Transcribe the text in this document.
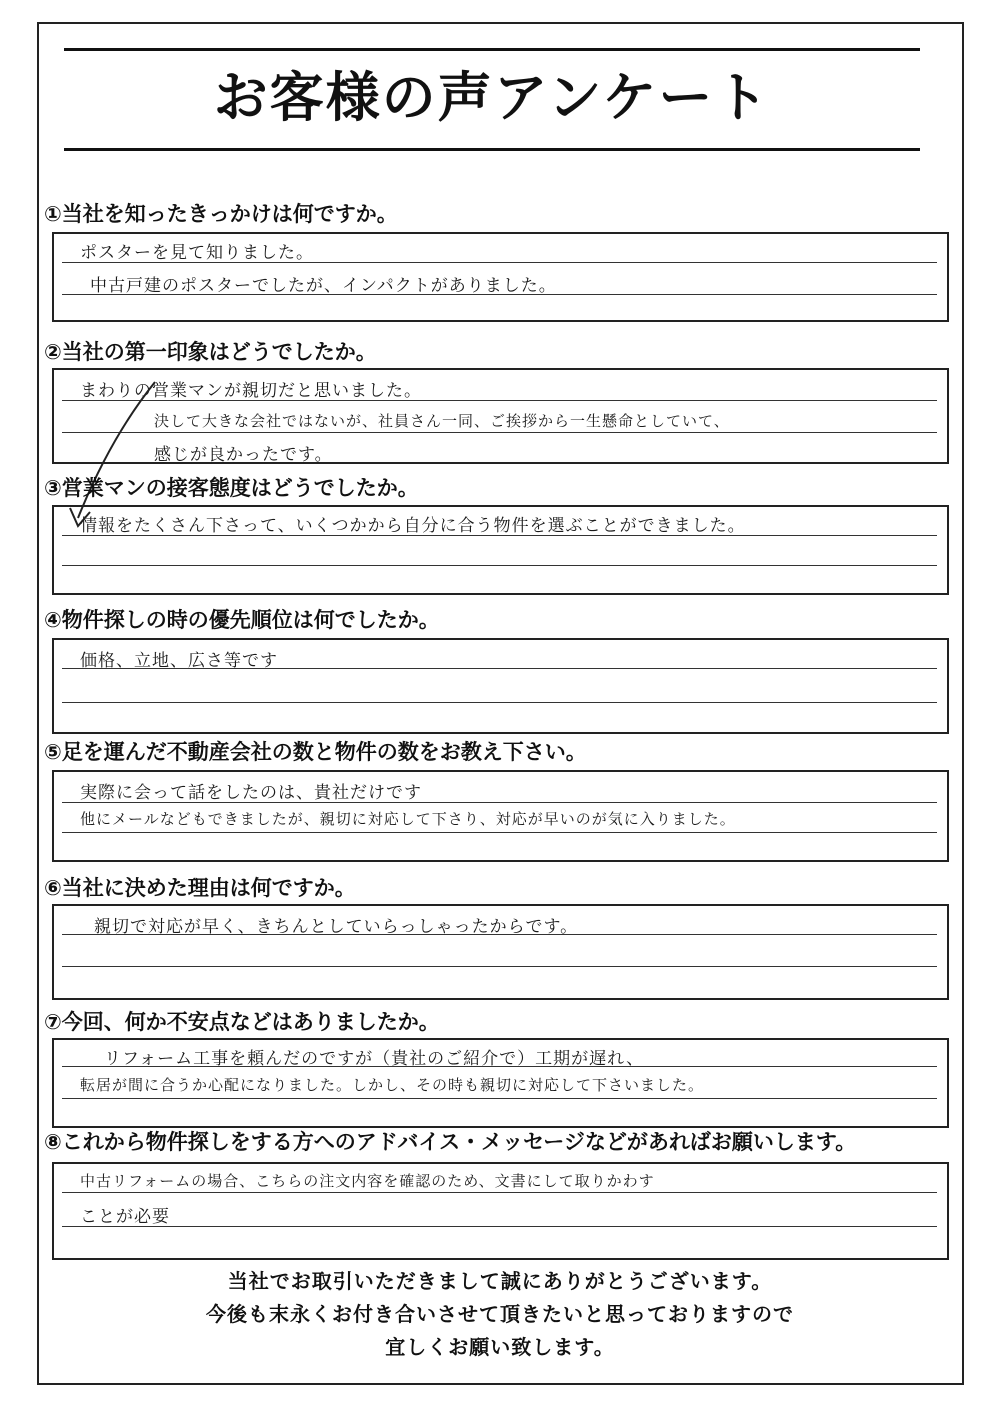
お客様の声アンケート
①当社を知ったきっかけは何ですか。
ポスターを見て知りました。
中古戸建のポスターでしたが、インパクトがありました。
②当社の第一印象はどうでしたか。
まわりの営業マンが親切だと思いました。
決して大きな会社ではないが、社員さん一同、ご挨拶から一生懸命としていて、
感じが良かったです。
③営業マンの接客態度はどうでしたか。
情報をたくさん下さって、いくつかから自分に合う物件を選ぶことができました。
④物件探しの時の優先順位は何でしたか。
価格、立地、広さ等です
⑤足を運んだ不動産会社の数と物件の数をお教え下さい。
実際に会って話をしたのは、貴社だけです
他にメールなどもできましたが、親切に対応して下さり、対応が早いのが気に入りました。
⑥当社に決めた理由は何ですか。
親切で対応が早く、きちんとしていらっしゃったからです。
⑦今回、何か不安点などはありましたか。
リフォーム工事を頼んだのですが（貴社のご紹介で）工期が遅れ、
転居が間に合うか心配になりました。しかし、その時も親切に対応して下さいました。
⑧これから物件探しをする方へのアドバイス・メッセージなどがあればお願いします。
中古リフォームの場合、こちらの注文内容を確認のため、文書にして取りかわす
ことが必要
当社でお取引いただきまして誠にありがとうございます。
今後も末永くお付き合いさせて頂きたいと思っておりますので
宜しくお願い致します。
